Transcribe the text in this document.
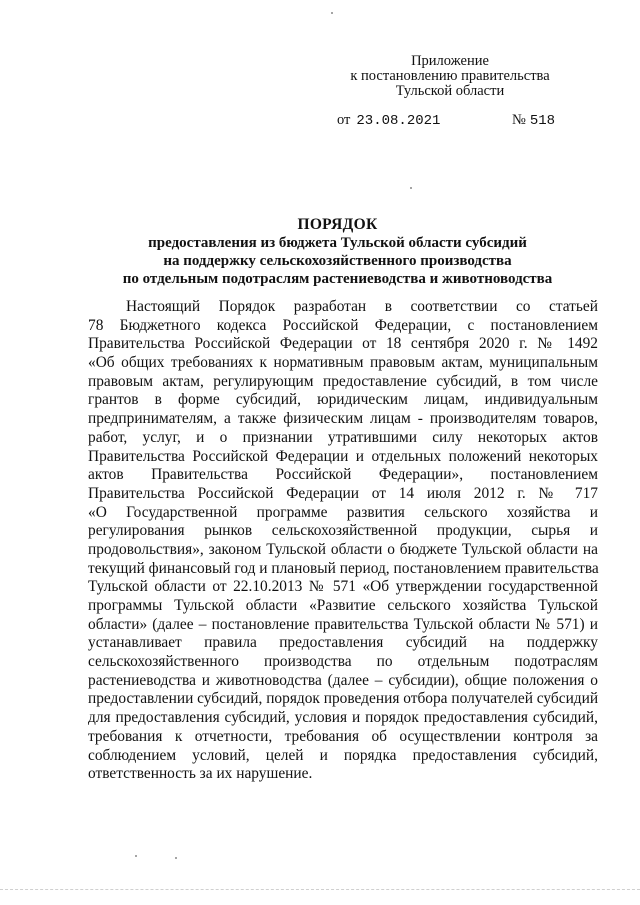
Приложение
к постановлению правительства
Тульской области
от 23.08.2021	№ 518
ПОРЯДОК
предоставления из бюджета Тульской области субсидий
на поддержку сельскохозяйственного производства
по отдельным подотраслям растениеводства и животноводства
Настоящий Порядок разработан в соответствии со статьей
78 Бюджетного кодекса Российской Федерации, с постановлением
Правительства Российской Федерации от 18 сентября 2020 г. № 1492
«Об общих требованиях к нормативным правовым актам, муниципальным
правовым актам, регулирующим предоставление субсидий, в том числе
грантов в форме субсидий, юридическим лицам, индивидуальным
предпринимателям, а также физическим лицам - производителям товаров,
работ, услуг, и о признании утратившими силу некоторых актов
Правительства Российской Федерации и отдельных положений некоторых
актов Правительства Российской Федерации», постановлением
Правительства Российской Федерации от 14 июля 2012 г. № 717
«О Государственной программе развития сельского хозяйства и
регулирования рынков сельскохозяйственной продукции, сырья и
продовольствия», законом Тульской области о бюджете Тульской области на
текущий финансовый год и плановый период, постановлением правительства
Тульской области от 22.10.2013 № 571 «Об утверждении государственной
программы Тульской области «Развитие сельского хозяйства Тульской
области» (далее – постановление правительства Тульской области № 571) и
устанавливает правила предоставления субсидий на поддержку
сельскохозяйственного производства по отдельным подотраслям
растениеводства и животноводства (далее – субсидии), общие положения о
предоставлении субсидий, порядок проведения отбора получателей субсидий
для предоставления субсидий, условия и порядок предоставления субсидий,
требования к отчетности, требования об осуществлении контроля за
соблюдением условий, целей и порядка предоставления субсидий,
ответственность за их нарушение.
